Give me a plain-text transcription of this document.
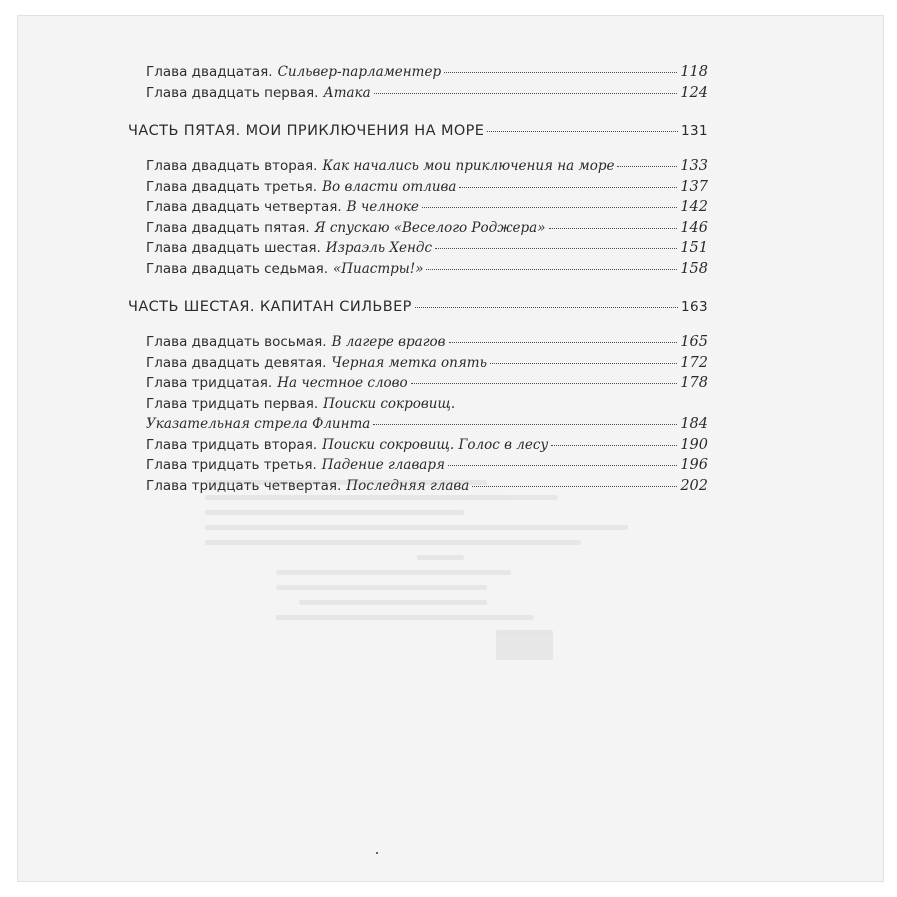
Глава двадцатая. Сильвер-парламентер	118
Глава двадцать первая. Атака	124
ЧАСТЬ ПЯТАЯ. МОИ ПРИКЛЮЧЕНИЯ НА МОРЕ	131
Глава двадцать вторая. Как начались мои приключения на море	133
Глава двадцать третья. Во власти отлива	137
Глава двадцать четвертая. В челноке	142
Глава двадцать пятая. Я спускаю «Веселого Роджера»	146
Глава двадцать шестая. Израэль Хендс	151
Глава двадцать седьмая. «Пиастры!»	158
ЧАСТЬ ШЕСТАЯ. КАПИТАН СИЛЬВЕР	163
Глава двадцать восьмая. В лагере врагов	165
Глава двадцать девятая. Черная метка опять	172
Глава тридцатая. На честное слово	178
Глава тридцать первая. Поиски сокровищ.
Указательная стрела Флинта	184
Глава тридцать вторая. Поиски сокровищ. Голос в лесу	190
Глава тридцать третья. Падение главаря	196
Глава тридцать четвертая. Последняя глава	202
